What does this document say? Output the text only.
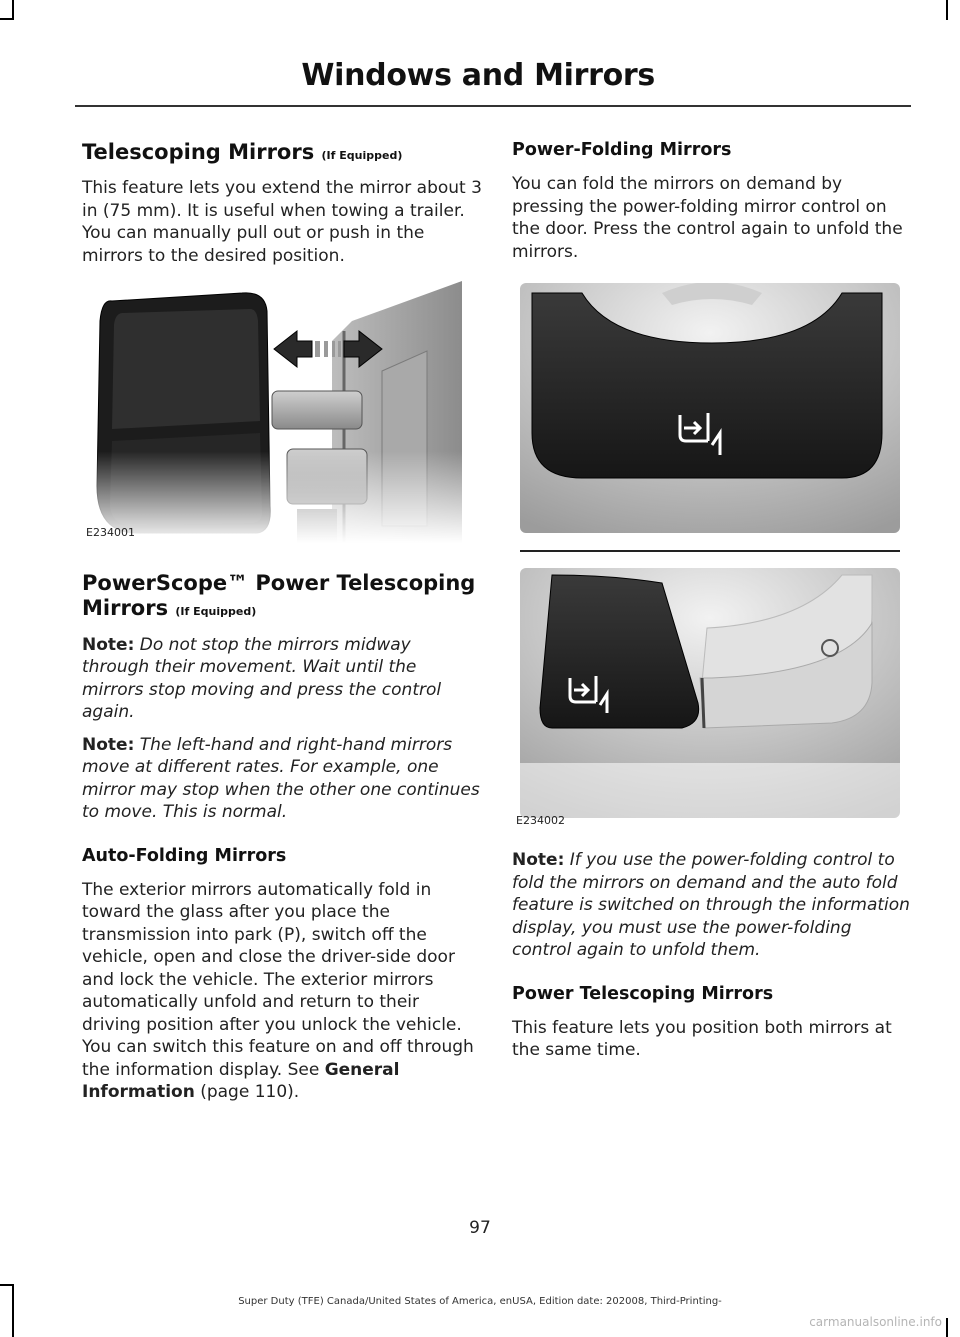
Windows and Mirrors
Telescoping Mirrors (If Equipped)

This feature lets you extend the mirror about 3 in (75 mm). It is useful when towing a trailer. You can manually pull out or push in the mirrors to the desired position.

E234001
PowerScope™ Power Telescoping Mirrors (If Equipped)

Note: Do not stop the mirrors midway through their movement. Wait until the mirrors stop moving and press the control again.

Note: The left-hand and right-hand mirrors move at different rates. For example, one mirror may stop when the other one continues to move. This is normal.

Auto-Folding Mirrors

The exterior mirrors automatically fold in toward the glass after you place the transmission into park (P), switch off the vehicle, open and close the driver-side door and lock the vehicle. The exterior mirrors automatically unfold and return to their driving position after you unlock the vehicle. You can switch this feature on and off through the information display. See General Information (page 110).

Power-Folding Mirrors

You can fold the mirrors on demand by pressing the power-folding mirror control on the door. Press the control again to unfold the mirrors.

E234002

Note: If you use the power-folding control to fold the mirrors on demand and the auto fold feature is switched on through the information display, you must use the power-folding control again to unfold them.

Power Telescoping Mirrors

This feature lets you position both mirrors at the same time.

97
Super Duty (TFE) Canada/United States of America, enUSA, Edition date: 202008, Third-Printing-
carmanualsonline.info
